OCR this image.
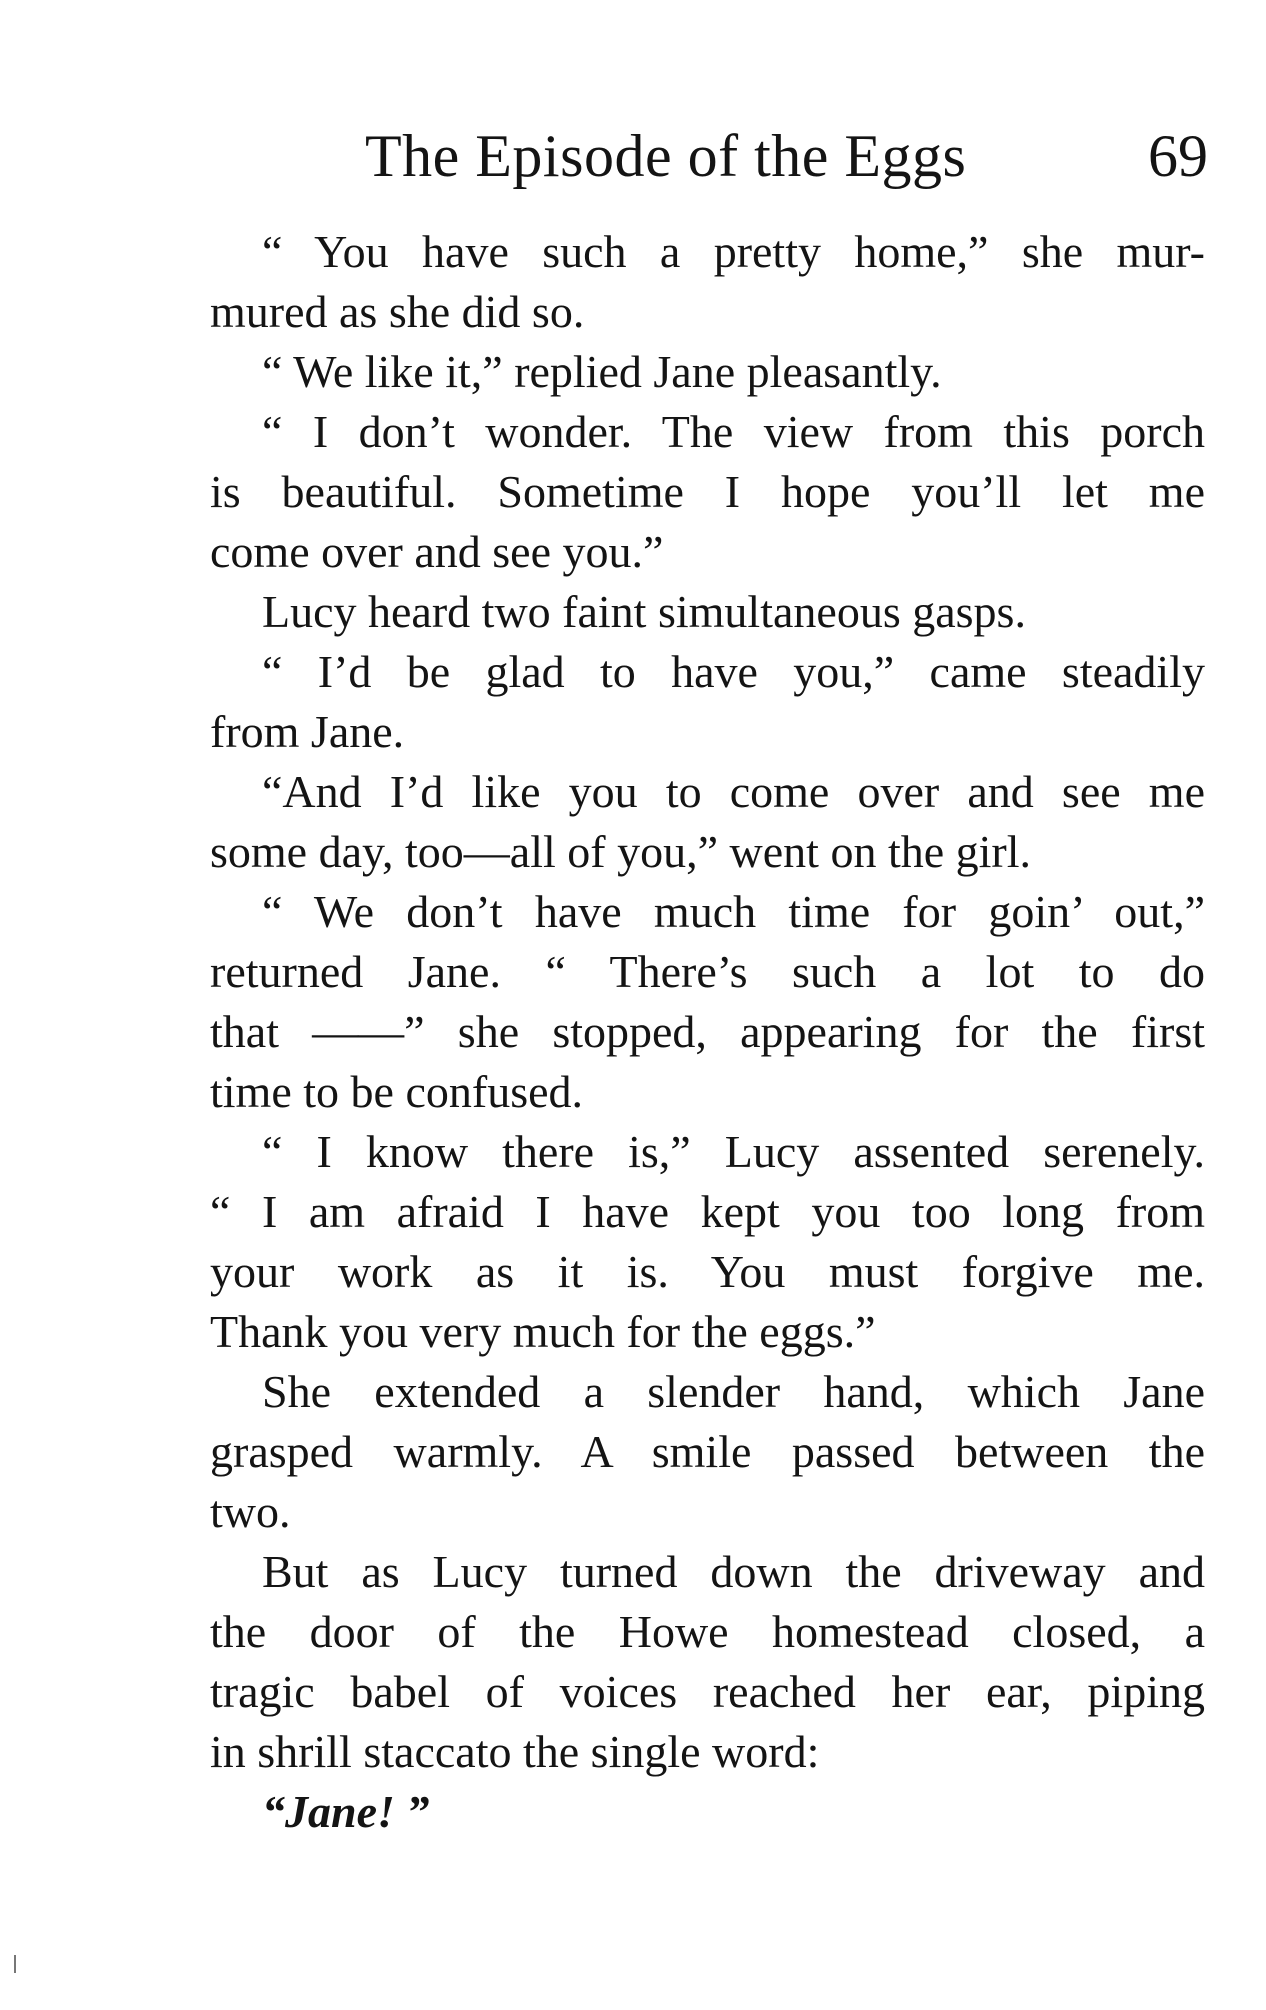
The Episode of the Eggs	69
“ You have such a pretty home,” she mur-
mured as she did so.
“ We like it,” replied Jane pleasantly.
“ I don’t wonder. The view from this porch
is beautiful. Sometime I hope you’ll let me
come over and see you.”
Lucy heard two faint simultaneous gasps.
“ I’d be glad to have you,” came steadily
from Jane.
“And I’d like you to come over and see me
some day, too—all of you,” went on the girl.
“ We don’t have much time for goin’ out,”
returned Jane. “ There’s such a lot to do
that ——” she stopped, appearing for the first
time to be confused.
“ I know there is,” Lucy assented serenely.
“ I am afraid I have kept you too long from
your work as it is. You must forgive me.
Thank you very much for the eggs.”
She extended a slender hand, which Jane
grasped warmly. A smile passed between the
two.
But as Lucy turned down the driveway and
the door of the Howe homestead closed, a
tragic babel of voices reached her ear, piping
in shrill staccato the single word:
“Jane! ”
